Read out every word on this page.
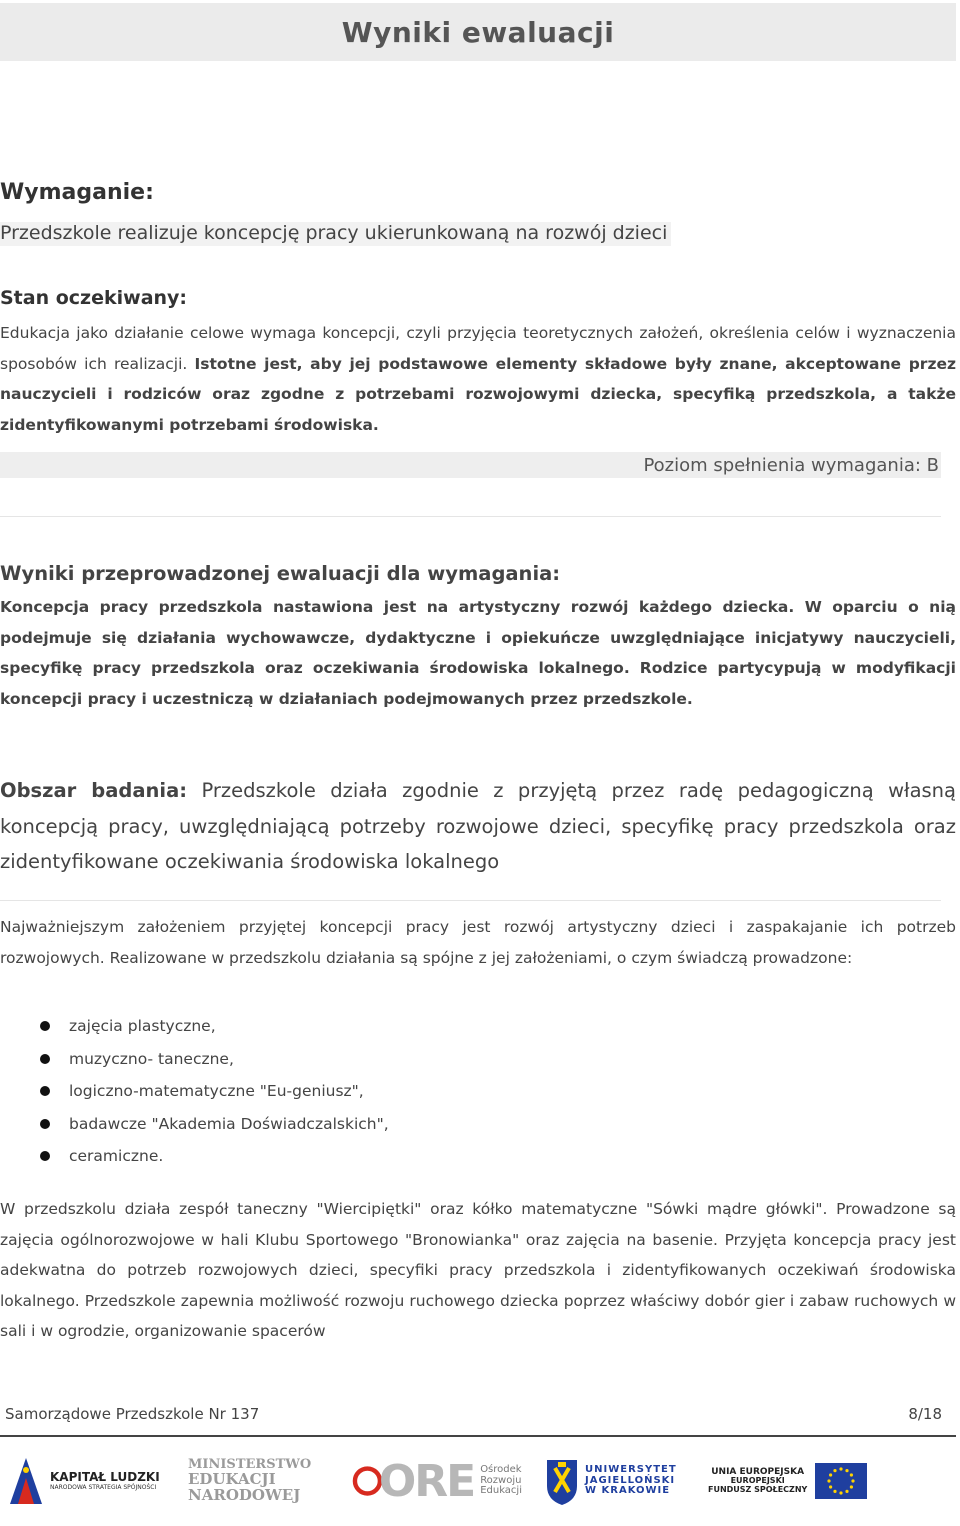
Wyniki ewaluacji
Wymaganie:
Przedszkole realizuje koncepcję pracy ukierunkowaną na rozwój dzieci
Stan oczekiwany:
Edukacja jako działanie celowe wymaga koncepcji, czyli przyjęcia teoretycznych założeń, określenia celów i wyznaczenia sposobów ich realizacji. Istotne jest, aby jej podstawowe elementy składowe były znane, akceptowane przez nauczycieli i rodziców oraz zgodne z potrzebami rozwojowymi dziecka, specyfiką przedszkola, a także zidentyfikowanymi potrzebami środowiska.
Poziom spełnienia wymagania: B
Wyniki przeprowadzonej ewaluacji dla wymagania:
Koncepcja pracy przedszkola nastawiona jest na artystyczny rozwój każdego dziecka. W oparciu o nią podejmuje się działania wychowawcze, dydaktyczne i opiekuńcze uwzględniające inicjatywy nauczycieli, specyfikę pracy przedszkola oraz oczekiwania środowiska lokalnego. Rodzice partycypują w modyfikacji koncepcji pracy i uczestniczą w działaniach podejmowanych przez przedszkole.
Obszar badania: Przedszkole działa zgodnie z przyjętą przez radę pedagogiczną własną koncepcją pracy, uwzględniającą potrzeby rozwojowe dzieci, specyfikę pracy przedszkola oraz zidentyfikowane oczekiwania środowiska lokalnego
Najważniejszym założeniem przyjętej koncepcji pracy jest rozwój artystyczny dzieci i zaspakajanie ich potrzeb rozwojowych. Realizowane w przedszkolu działania są spójne z jej założeniami, o czym świadczą prowadzone:
zajęcia plastyczne,
muzyczno- taneczne,
logiczno-matematyczne "Eu-geniusz",
badawcze "Akademia Doświadczalskich",
ceramiczne.
W przedszkolu działa zespół taneczny "Wiercipiętki" oraz kółko matematyczne "Sówki mądre główki". Prowadzone są zajęcia ogólnorozwojowe w hali Klubu Sportowego "Bronowianka" oraz zajęcia na basenie. Przyjęta koncepcja pracy jest adekwatna do potrzeb rozwojowych dzieci, specyfiki pracy przedszkola i zidentyfikowanych oczekiwań środowiska lokalnego. Przedszkole zapewnia możliwość rozwoju ruchowego dziecka poprzez właściwy dobór gier i zabaw ruchowych w sali i w ogrodzie, organizowanie spacerów
Samorządowe Przedszkole Nr 137	8/18
KAPITAŁ LUDZKI
NARODOWA STRATEGIA SPÓJNOŚCI
MINISTERSTWO
EDUKACJI
NARODOWEJ ORE Ośrodek
Rozwoju
Edukacji
UNIWERSYTET
JAGIELLOŃSKI
W KRAKOWIE
UNIA EUROPEJSKA
EUROPEJSKI
FUNDUSZ SPOŁECZNY
